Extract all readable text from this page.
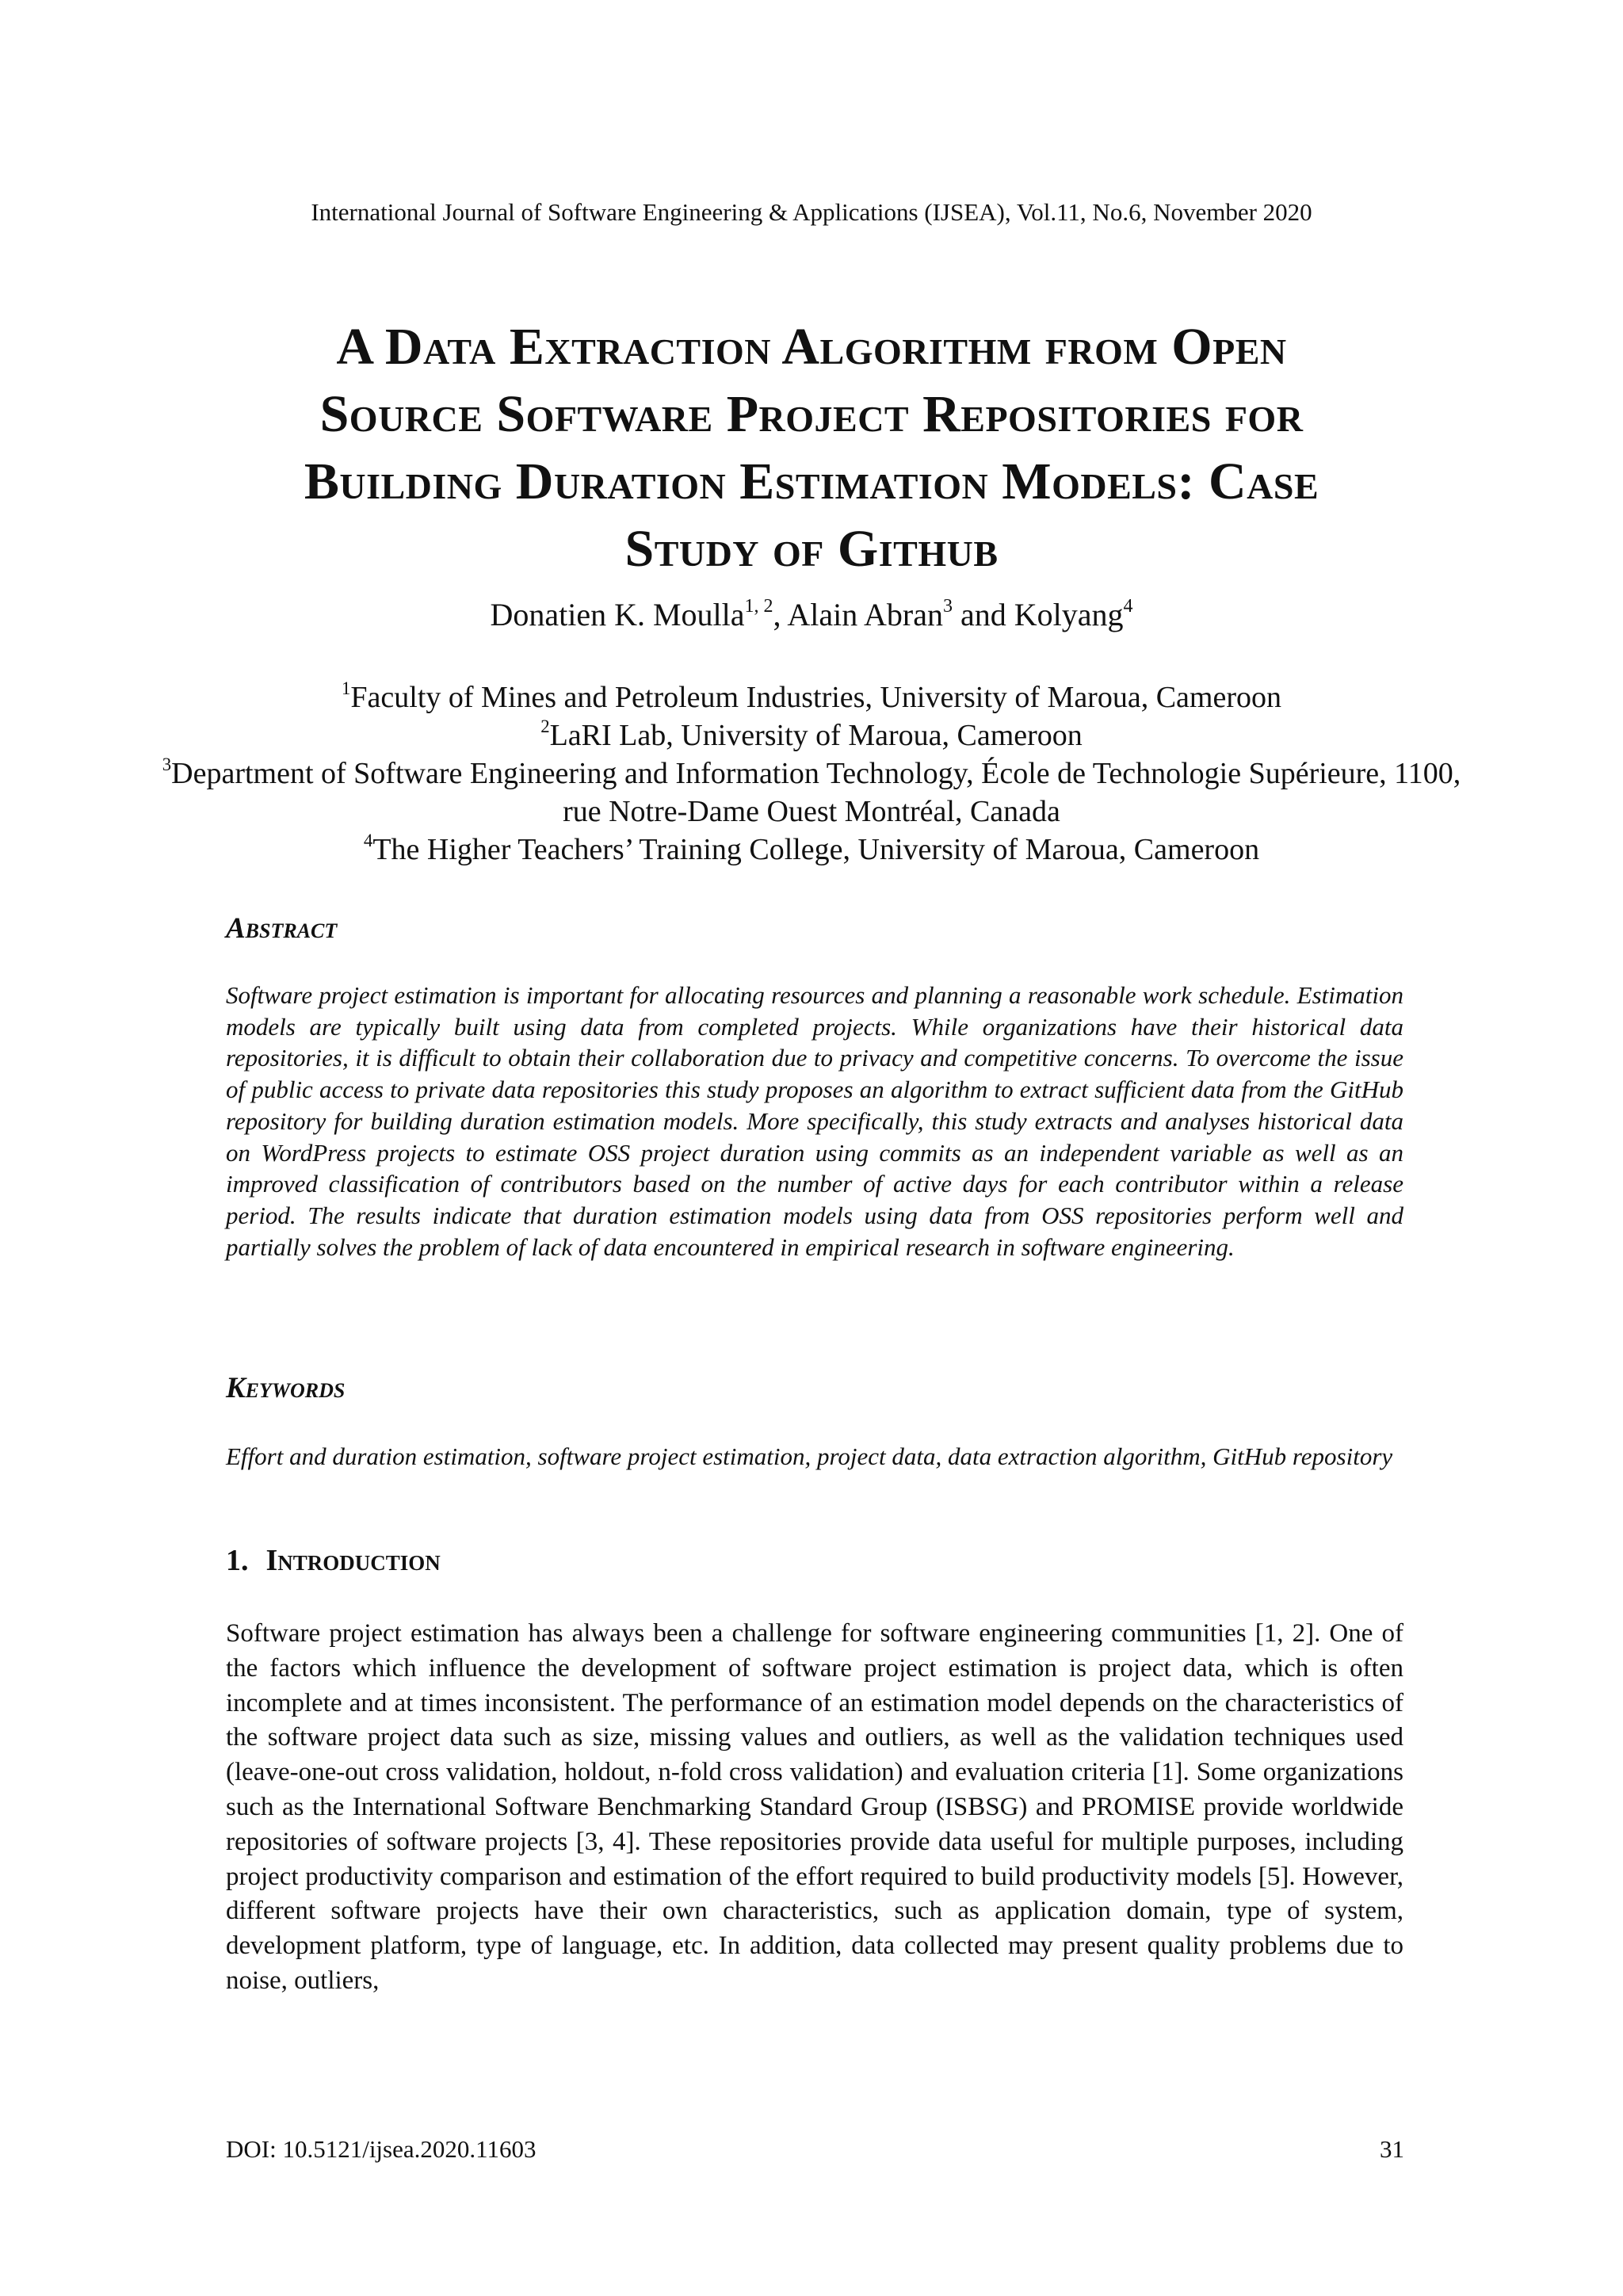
International Journal of Software Engineering & Applications (IJSEA), Vol.11, No.6, November 2020
A Data Extraction Algorithm from Open
Source Software Project Repositories for
Building Duration Estimation Models: Case
Study of Github
Donatien K. Moulla$^{1, 2}$, Alain Abran$^3$ and Kolyang$^4$
$^1$Faculty of Mines and Petroleum Industries, University of Maroua, Cameroon
$^2$LaRI Lab, University of Maroua, Cameroon
$^3$Department of Software Engineering and Information Technology, École de Technologie Supérieure, 1100, rue Notre-Dame Ouest Montréal, Canada
$^4$The Higher Teachers’ Training College, University of Maroua, Cameroon
Abstract
Software project estimation is important for allocating resources and planning a reasonable work schedule. Estimation models are typically built using data from completed projects. While organizations have their historical data repositories, it is difficult to obtain their collaboration due to privacy and competitive concerns. To overcome the issue of public access to private data repositories this study proposes an algorithm to extract sufficient data from the GitHub repository for building duration estimation models. More specifically, this study extracts and analyses historical data on WordPress projects to estimate OSS project duration using commits as an independent variable as well as an improved classification of contributors based on the number of active days for each contributor within a release period. The results indicate that duration estimation models using data from OSS repositories perform well and partially solves the problem of lack of data encountered in empirical research in software engineering.
Keywords
Effort and duration estimation, software project estimation, project data, data extraction algorithm, GitHub repository
1. Introduction
Software project estimation has always been a challenge for software engineering communities [1, 2]. One of the factors which influence the development of software project estimation is project data, which is often incomplete and at times inconsistent. The performance of an estimation model depends on the characteristics of the software project data such as size, missing values and outliers, as well as the validation techniques used (leave-one-out cross validation, holdout, n-fold cross validation) and evaluation criteria [1]. Some organizations such as the International Software Benchmarking Standard Group (ISBSG) and PROMISE provide worldwide repositories of software projects [3, 4]. These repositories provide data useful for multiple purposes, including project productivity comparison and estimation of the effort required to build productivity models [5]. However, different software projects have their own characteristics, such as application domain, type of system, development platform, type of language, etc. In addition, data collected may present quality problems due to noise, outliers,
DOI: 10.5121/ijsea.2020.11603	31
